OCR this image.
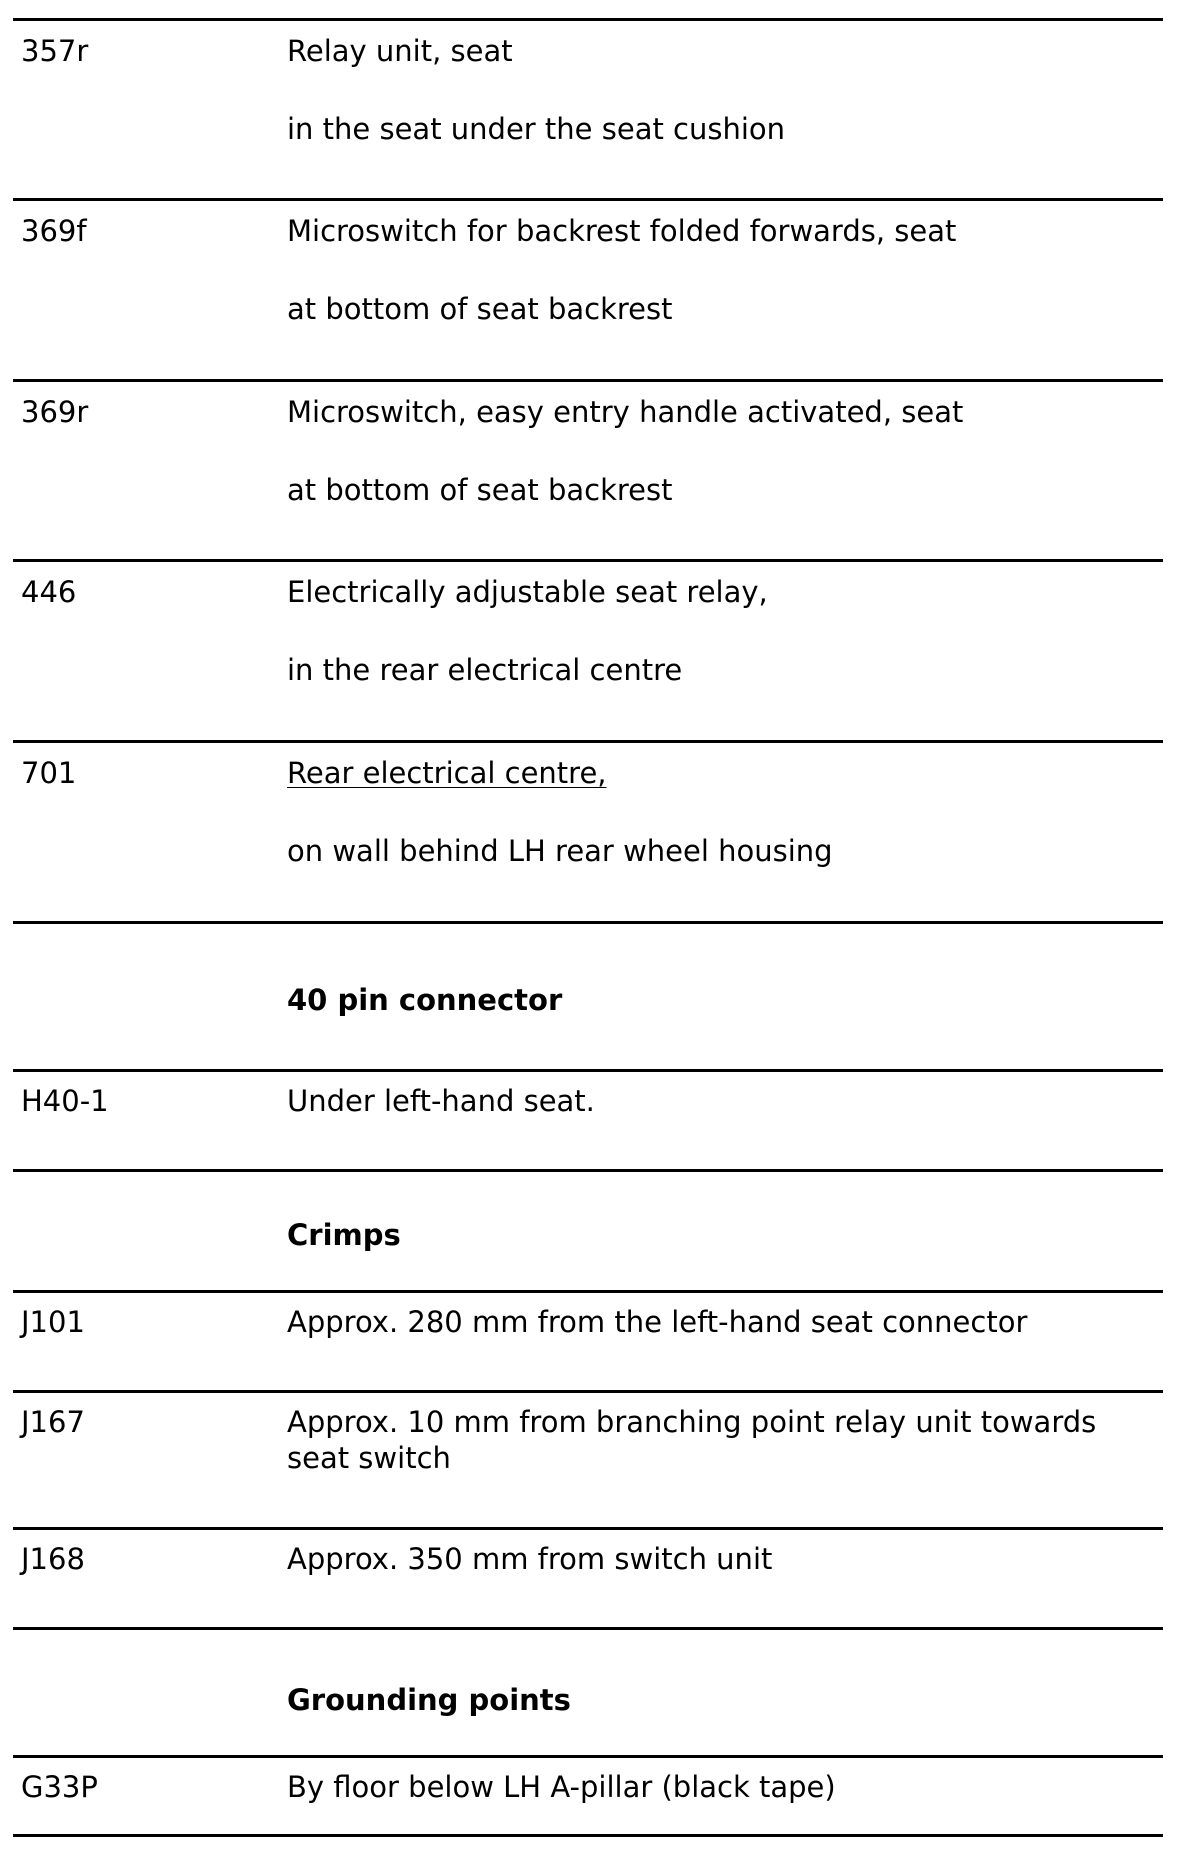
357r	Relay unit, seat
in the seat under the seat cushion
369f	Microswitch for backrest folded forwards, seat
at bottom of seat backrest
369r	Microswitch, easy entry handle activated, seat
at bottom of seat backrest
446	Electrically adjustable seat relay,
in the rear electrical centre
701	Rear electrical centre,
on wall behind LH rear wheel housing
40 pin connector
H40-1	Under left-hand seat.
Crimps
J101	Approx. 280 mm from the left-hand seat connector
J167	Approx. 10 mm from branching point relay unit towards seat switch
J168	Approx. 350 mm from switch unit
Grounding points
G33P	By floor below LH A-pillar (black tape)
